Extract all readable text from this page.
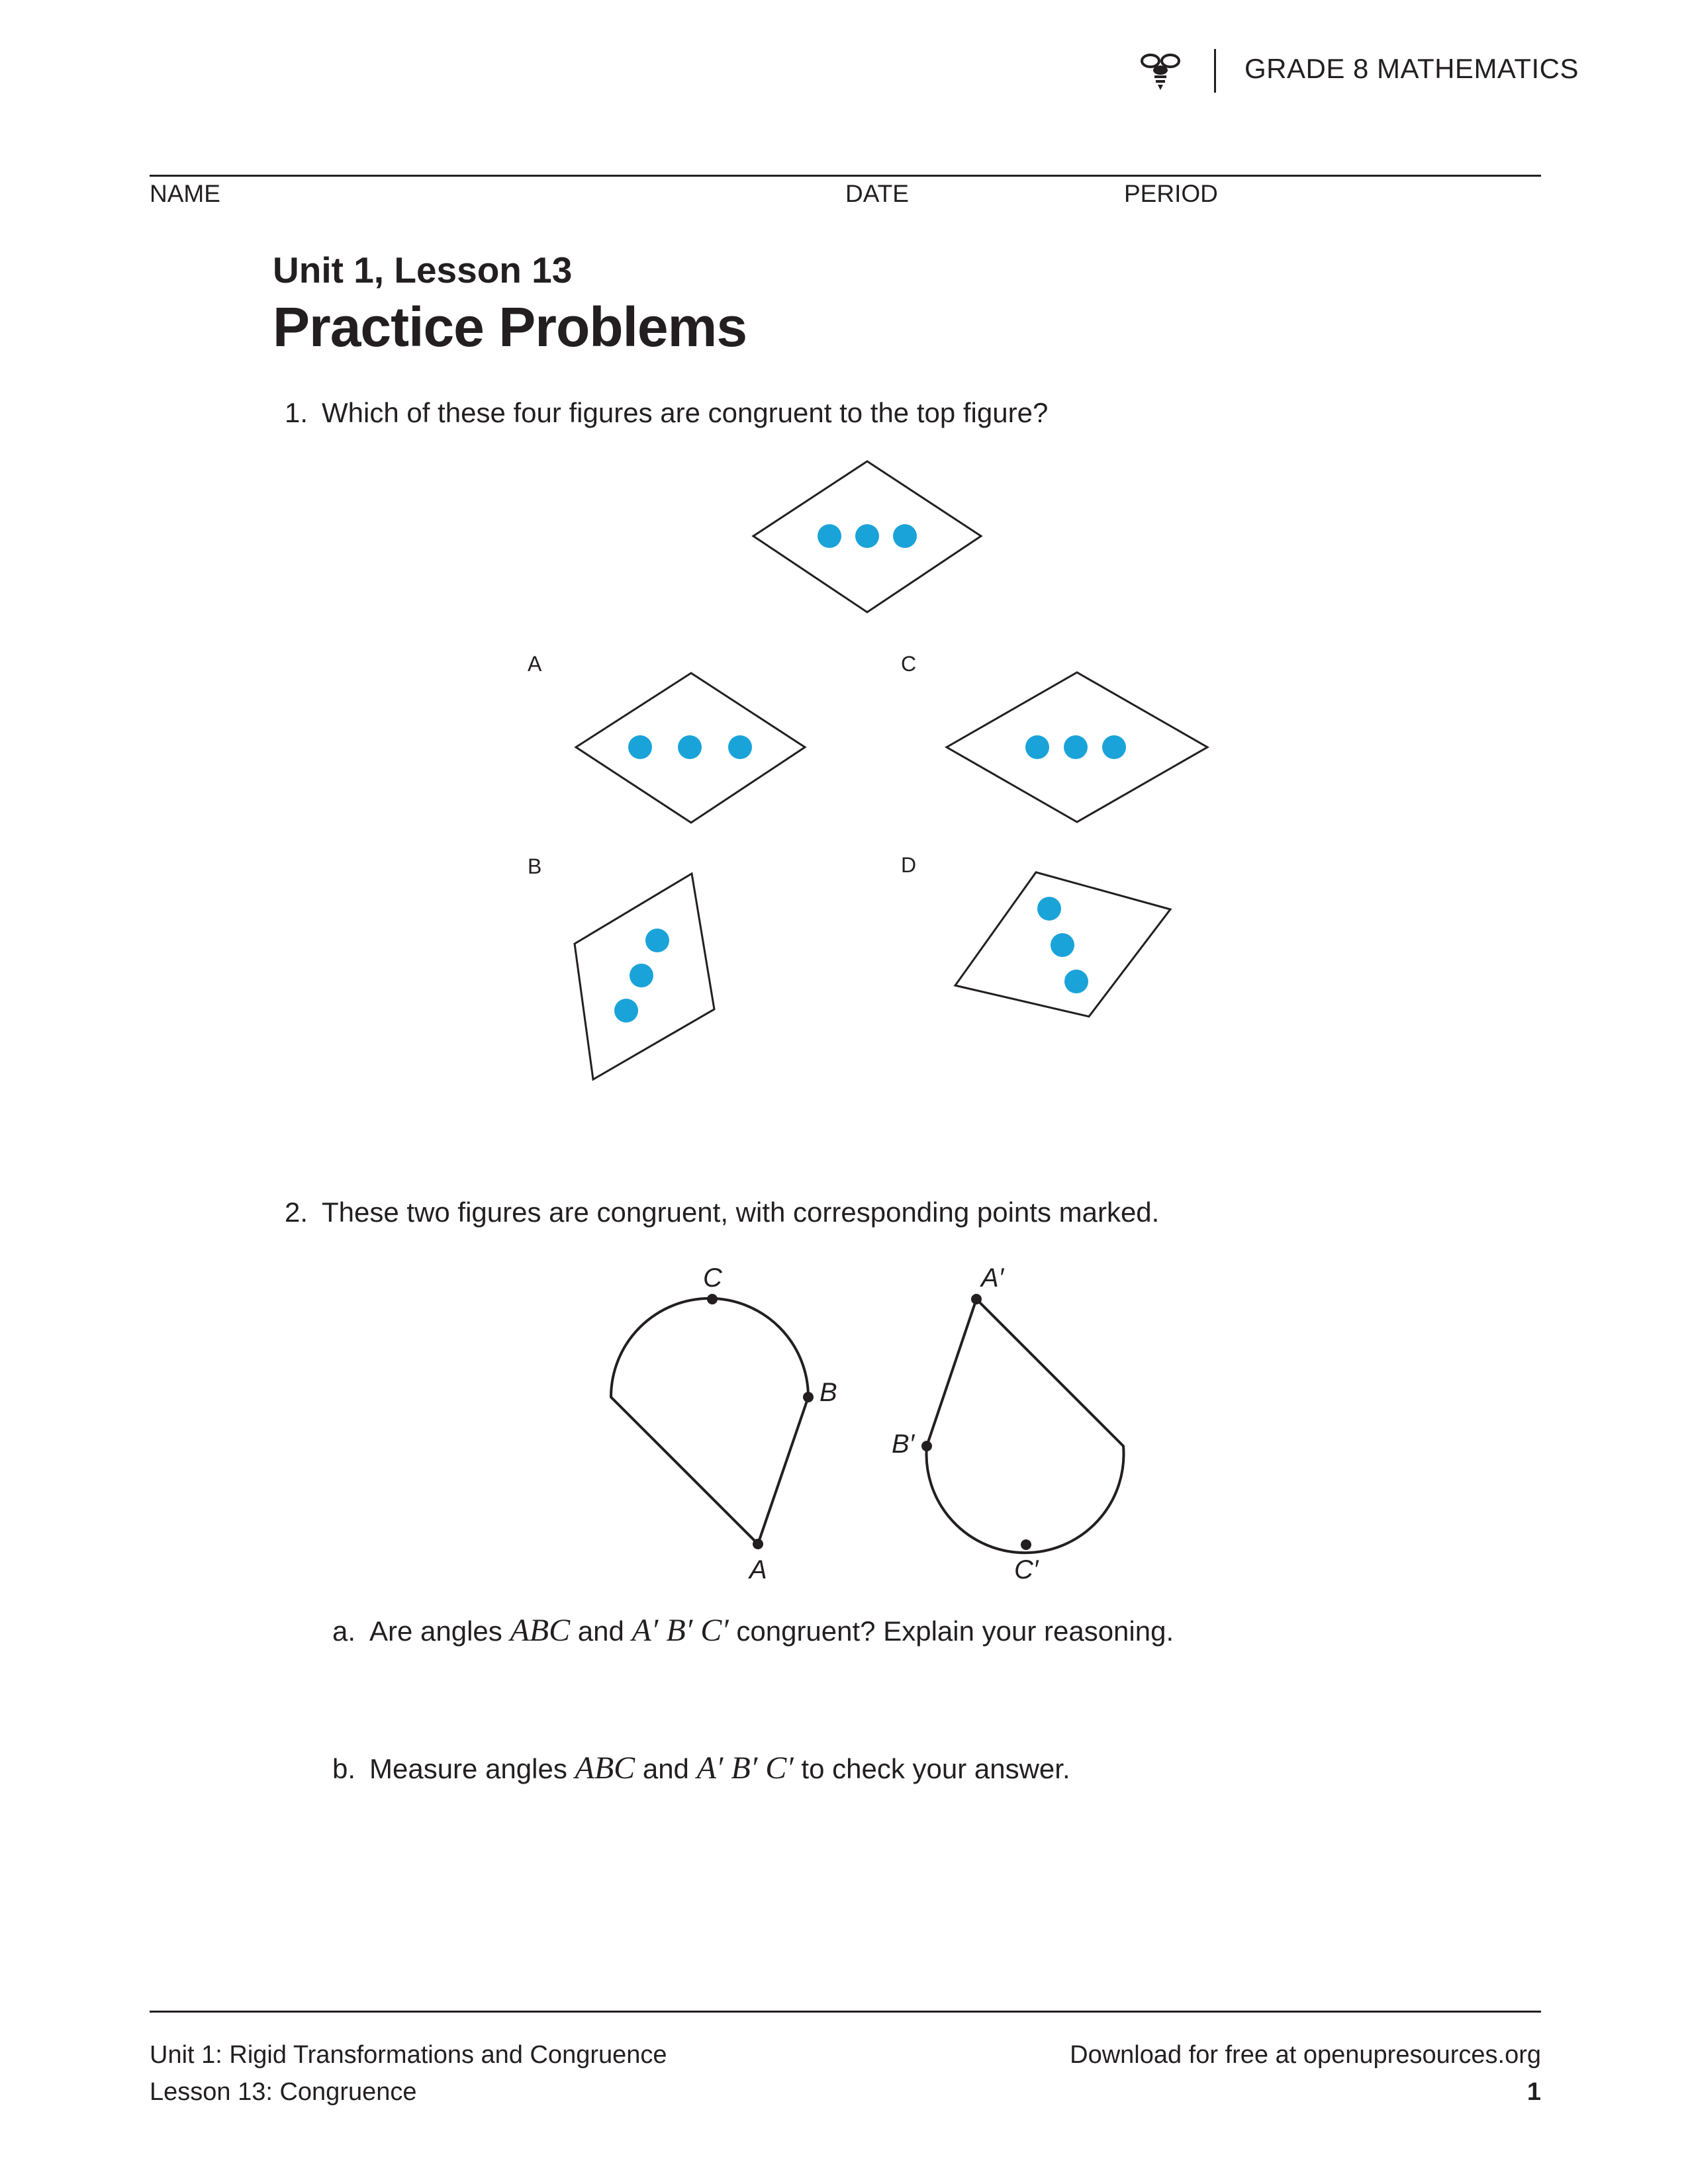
GRADE 8 MATHEMATICS
NAME	DATE	PERIOD
Unit 1, Lesson 13
Practice Problems
1. Which of these four figures are congruent to the top figure?
A	C
B	D
2. These two figures are congruent, with corresponding points marked.
C
B
A
A′
B′
C′
a. Are angles ABC and A′ B′ C′ congruent? Explain your reasoning.
b. Measure angles ABC and A′ B′ C′ to check your answer.
Unit 1: Rigid Transformations and Congruence
Lesson 13: Congruence
Download for free at openupresources.org
1
